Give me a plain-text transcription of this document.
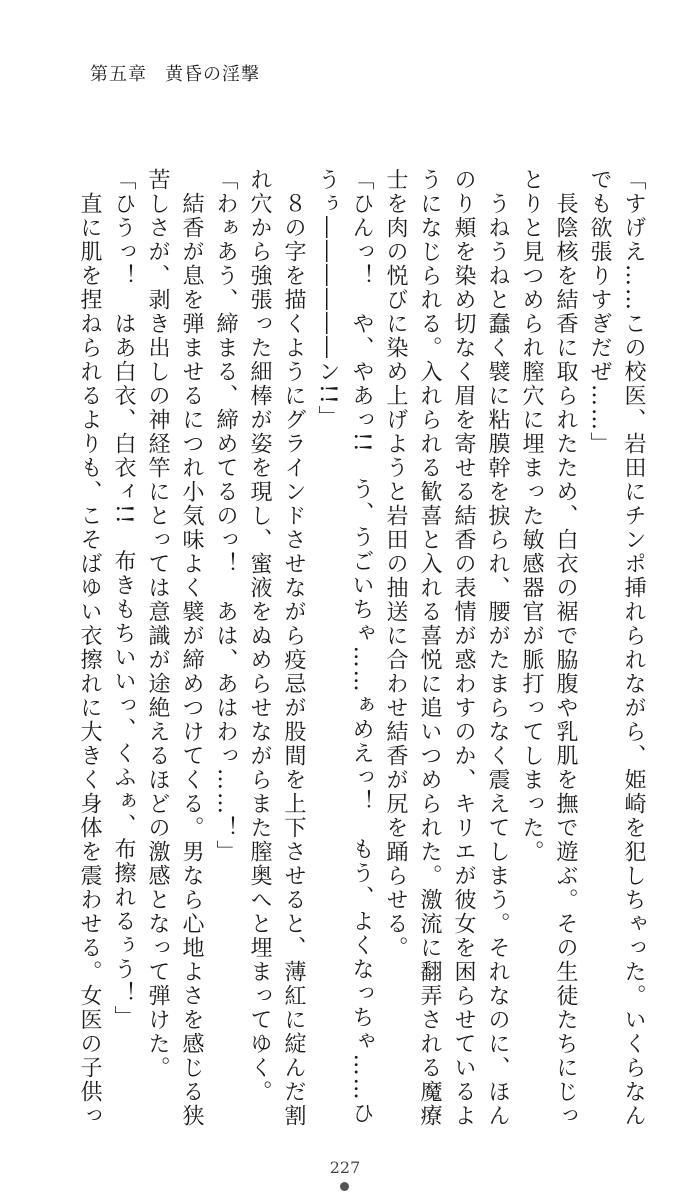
第五章 黄昏の淫撃

「すげえ……この校医、岩田にチンポ挿れられながら、姫崎を犯しちゃった。いくらなん

でも欲張りすぎだぜ……」

　長陰核を結香に取られたため、白衣の裾で脇腹や乳肌を撫で遊ぶ。その生徒たちにじっ

とりと見つめられ膣穴に埋まった敏感器官が脈打ってしまった。

　うねうねと蠢く襞に粘膜幹を捩られ、腰がたまらなく震えてしまう。それなのに、ほん

のり頬を染め切なく眉を寄せる結香の表情が惑わすのか、キリエが彼女を困らせているよ

うになじられる。入れられる歓喜と入れる喜悦に追いつめられた。激流に翻弄される魔療

士を肉の悦びに染め上げようと岩田の抽送に合わせ結香が尻を踊らせる。

「ひんっ！　や、やあっ!!　う、うごいちゃ……ぁめえっ！　もう、よくなっちゃ……ひ

うぅ――――――ン!!」

　８の字を描くようにグラインドさせながら疫忌が股間を上下させると、薄紅に綻んだ割

れ穴から強張った細棒が姿を現し、蜜液をぬめらせながらまた膣奥へと埋まってゆく。

「わぁあう、締まる、締めてるのっ！　あは、あはわっ……！」

　結香が息を弾ませるにつれ小気味よく襞が締めつけてくる。男なら心地よさを感じる狭

苦しさが、剥き出しの神経竿にとっては意識が途絶えるほどの激感となって弾けた。

「ひうっ！　はあ白衣、白衣ィ!!　布きもちいいっ、くふぁ、布擦れるぅう！」

　直に肌を捏ねられるよりも、こそばゆい衣擦れに大きく身体を震わせる。女医の子供っ

227
